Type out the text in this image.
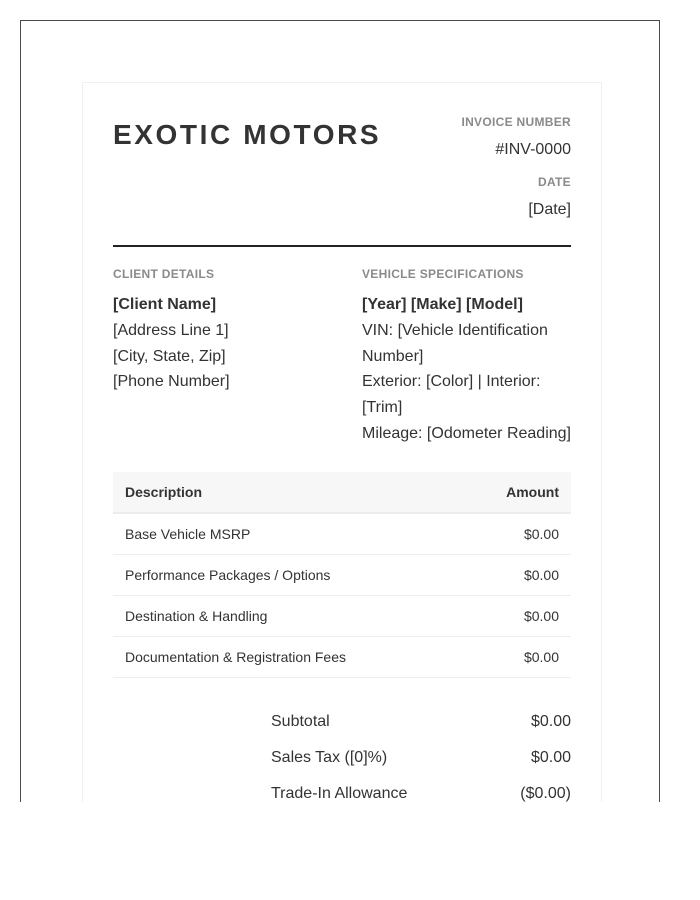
EXOTIC MOTORS	INVOICE NUMBER
#INV-0000
DATE
[Date]
CLIENT DETAILS
[Client Name]
[Address Line 1]
[City, State, Zip]
[Phone Number]
VEHICLE SPECIFICATIONS
[Year] [Make] [Model]
VIN: [Vehicle Identification
Number]
Exterior: [Color] | Interior:
[Trim]
Mileage: [Odometer Reading]
Description	Amount
Base Vehicle MSRP	$0.00
Performance Packages / Options	$0.00
Destination & Handling	$0.00
Documentation & Registration Fees	$0.00
Subtotal	$0.00
Sales Tax ([0]%)	$0.00
Trade-In Allowance	($0.00)
